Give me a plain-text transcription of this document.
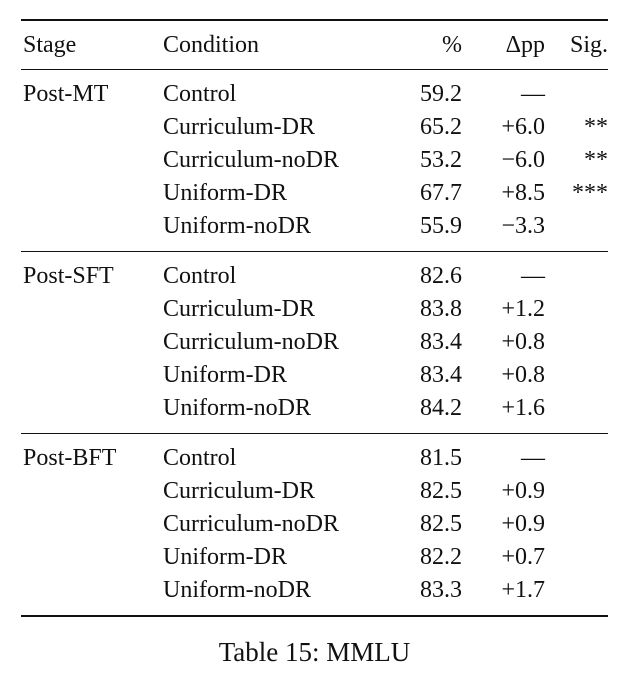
Stage	Condition	%	Δpp	Sig.
Post-MT	Control	59.2	—	
	Curriculum-DR	65.2	+6.0	**
	Curriculum-noDR	53.2	−6.0	**
	Uniform-DR	67.7	+8.5	***
	Uniform-noDR	55.9	−3.3	
Post-SFT	Control	82.6	—	
	Curriculum-DR	83.8	+1.2	
	Curriculum-noDR	83.4	+0.8	
	Uniform-DR	83.4	+0.8	
	Uniform-noDR	84.2	+1.6	
Post-BFT	Control	81.5	—	
	Curriculum-DR	82.5	+0.9	
	Curriculum-noDR	82.5	+0.9	
	Uniform-DR	82.2	+0.7	
	Uniform-noDR	83.3	+1.7	
Table 15: MMLU
